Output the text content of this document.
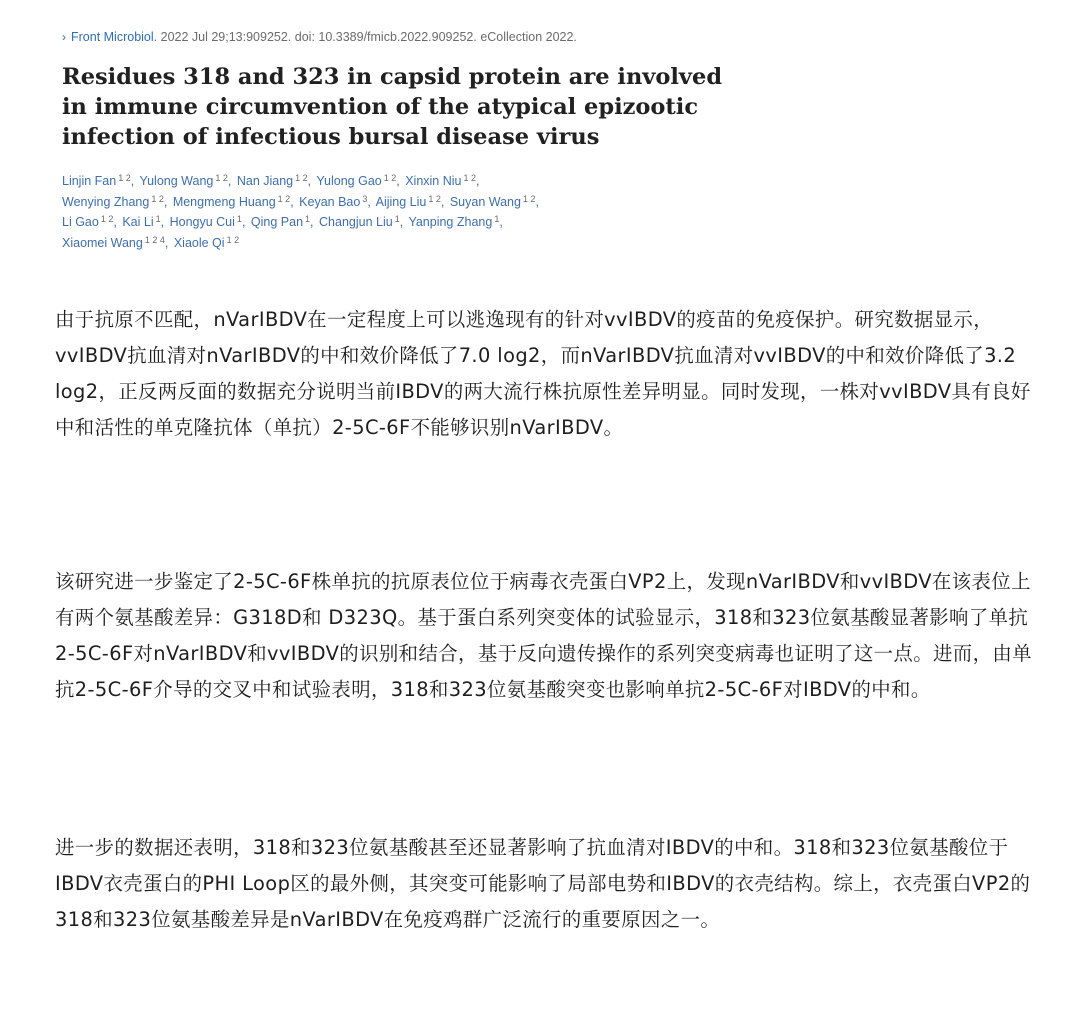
› Front Microbiol. 2022 Jul 29;13:909252. doi: 10.3389/fmicb.2022.909252. eCollection 2022.
Residues 318 and 323 in capsid protein are involved in immune circumvention of the atypical epizootic infection of infectious bursal disease virus
Linjin Fan $^{1 2}$, Yulong Wang $^{1 2}$, Nan Jiang $^{1 2}$, Yulong Gao $^{1 2}$, Xinxin Niu $^{1 2}$,
Wenying Zhang $^{1 2}$, Mengmeng Huang $^{1 2}$, Keyan Bao $^3$, Aijing Liu $^{1 2}$, Suyan Wang $^{1 2}$,
Li Gao $^{1 2}$, Kai Li $^1$, Hongyu Cui $^1$, Qing Pan $^1$, Changjun Liu $^1$, Yanping Zhang $^1$,
Xiaomei Wang $^{1 2 4}$, Xiaole Qi $^{1 2}$

由于抗原不匹配，nVarIBDV在一定程度上可以逃逸现有的针对vvIBDV的疫苗的免疫保护。研究数据显示，vvIBDV抗血清对nVarIBDV的中和效价降低了7.0 log2，而nVarIBDV抗血清对vvIBDV的中和效价降低了3.2 log2，正反两反面的数据充分说明当前IBDV的两大流行株抗原性差异明显。同时发现，一株对vvIBDV具有良好中和活性的单克隆抗体（单抗）2-5C-6F不能够识别nVarIBDV。

该研究进一步鉴定了2-5C-6F株单抗的抗原表位位于病毒衣壳蛋白VP2上，发现nVarIBDV和vvIBDV在该表位上有两个氨基酸差异：G318D和 D323Q。基于蛋白系列突变体的试验显示，318和323位氨基酸显著影响了单抗2-5C-6F对nVarIBDV和vvIBDV的识别和结合，基于反向遗传操作的系列突变病毒也证明了这一点。进而，由单抗2-5C-6F介导的交叉中和试验表明，318和323位氨基酸突变也影响单抗2-5C-6F对IBDV的中和。

进一步的数据还表明，318和323位氨基酸甚至还显著影响了抗血清对IBDV的中和。318和323位氨基酸位于IBDV衣壳蛋白的PHI Loop区的最外侧，其突变可能影响了局部电势和IBDV的衣壳结构。综上，衣壳蛋白VP2的318和323位氨基酸差异是nVarIBDV在免疫鸡群广泛流行的重要原因之一。
